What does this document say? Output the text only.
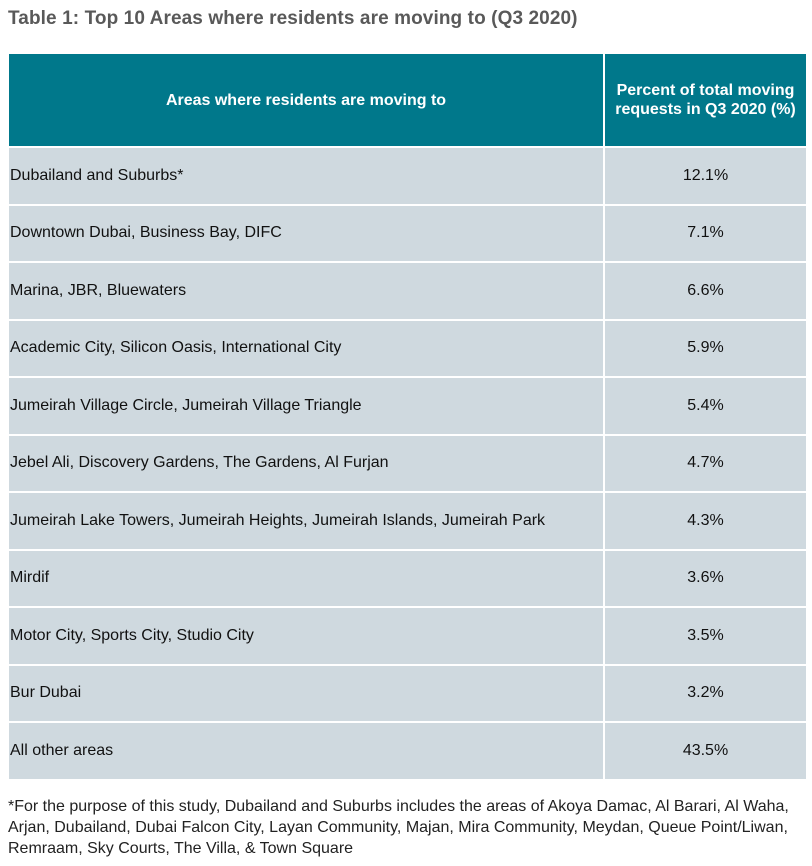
Table 1: Top 10 Areas where residents are moving to (Q3 2020)
Areas where residents are moving to	Percent of total moving requests in Q3 2020 (%)
Dubailand and Suburbs*	12.1%
Downtown Dubai, Business Bay, DIFC	7.1%
Marina, JBR, Bluewaters	6.6%
Academic City, Silicon Oasis, International City	5.9%
Jumeirah Village Circle, Jumeirah Village Triangle	5.4%
Jebel Ali, Discovery Gardens, The Gardens, Al Furjan	4.7%
Jumeirah Lake Towers, Jumeirah Heights, Jumeirah Islands, Jumeirah Park	4.3%
Mirdif	3.6%
Motor City, Sports City, Studio City	3.5%
Bur Dubai	3.2%
All other areas	43.5%
*For the purpose of this study, Dubailand and Suburbs includes the areas of Akoya Damac, Al Barari, Al Waha, Arjan, Dubailand, Dubai Falcon City, Layan Community, Majan, Mira Community, Meydan, Queue Point/Liwan, Remraam, Sky Courts, The Villa, & Town Square
